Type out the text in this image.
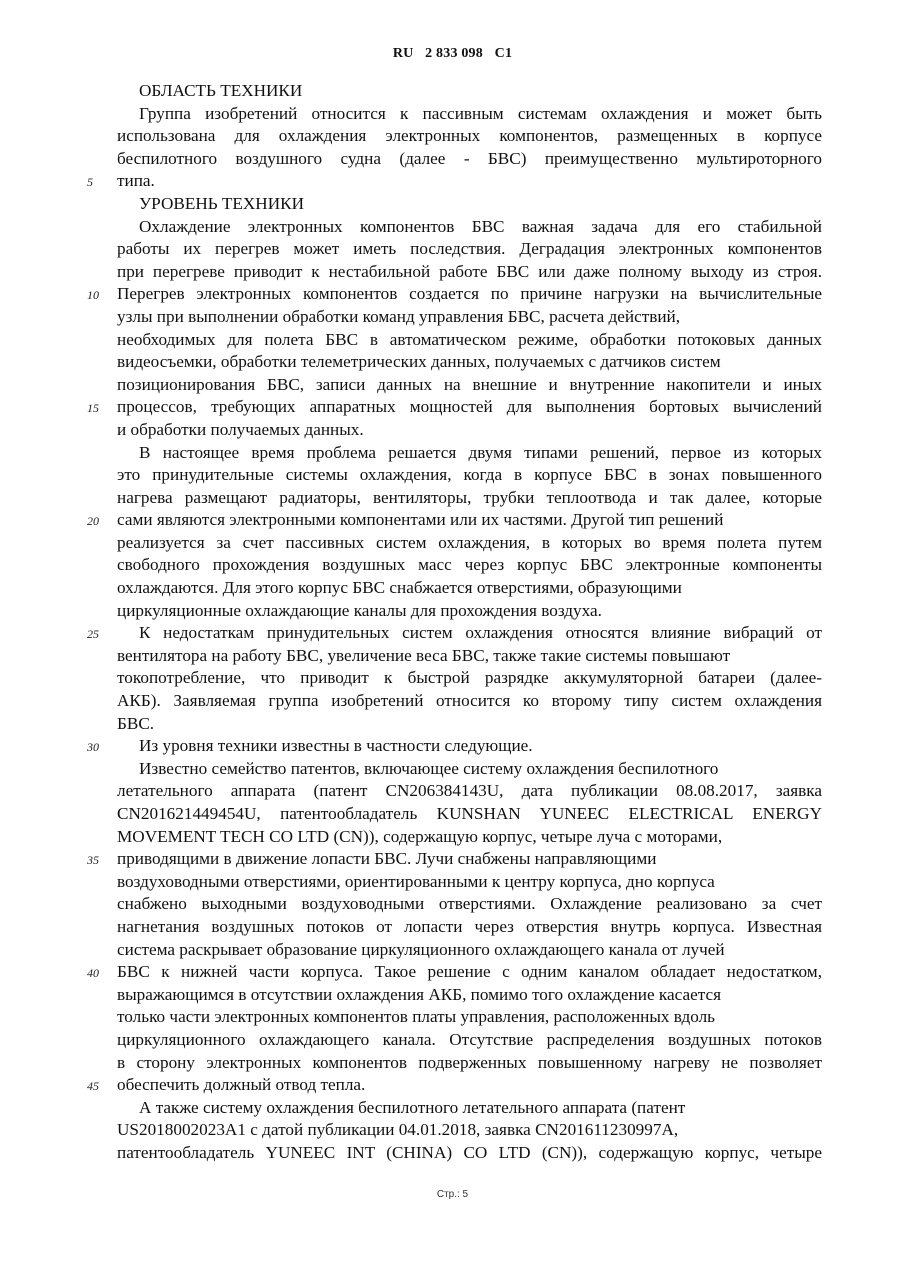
RU 2 833 098 C1
ОБЛАСТЬ ТЕХНИКИ
Группа изобретений относится к пассивным системам охлаждения и может быть
использована для охлаждения электронных компонентов, размещенных в корпусе
беспилотного воздушного судна (далее - БВС) преимущественно мультироторного
5 типа.
УРОВЕНЬ ТЕХНИКИ
Охлаждение электронных компонентов БВС важная задача для его стабильной
работы их перегрев может иметь последствия. Деградация электронных компонентов
при перегреве приводит к нестабильной работе БВС или даже полному выходу из строя.
10 Перегрев электронных компонентов создается по причине нагрузки на вычислительные
узлы при выполнении обработки команд управления БВС, расчета действий,
необходимых для полета БВС в автоматическом режиме, обработки потоковых данных
видеосъемки, обработки телеметрических данных, получаемых с датчиков систем
позиционирования БВС, записи данных на внешние и внутренние накопители и иных
15 процессов, требующих аппаратных мощностей для выполнения бортовых вычислений
и обработки получаемых данных.
В настоящее время проблема решается двумя типами решений, первое из которых
это принудительные системы охлаждения, когда в корпусе БВС в зонах повышенного
нагрева размещают радиаторы, вентиляторы, трубки теплоотвода и так далее, которые
20 сами являются электронными компонентами или их частями. Другой тип решений
реализуется за счет пассивных систем охлаждения, в которых во время полета путем
свободного прохождения воздушных масс через корпус БВС электронные компоненты
охлаждаются. Для этого корпус БВС снабжается отверстиями, образующими
циркуляционные охлаждающие каналы для прохождения воздуха.
25	К недостаткам принудительных систем охлаждения относятся влияние вибраций от
вентилятора на работу БВС, увеличение веса БВС, также такие системы повышают
токопотребление, что приводит к быстрой разрядке аккумуляторной батареи (далее-
АКБ). Заявляемая группа изобретений относится ко второму типу систем охлаждения
БВС.
30 Из уровня техники известны в частности следующие.
Известно семейство патентов, включающее систему охлаждения беспилотного
летательного аппарата (патент CN206384143U, дата публикации 08.08.2017, заявка
CN201621449454U, патентообладатель KUNSHAN YUNEEC ELECTRICAL ENERGY
MOVEMENT TECH CO LTD (CN)), содержащую корпус, четыре луча с моторами,
35 приводящими в движение лопасти БВС. Лучи снабжены направляющими
воздуховодными отверстиями, ориентированными к центру корпуса, дно корпуса
снабжено выходными воздуховодными отверстиями. Охлаждение реализовано за счет
нагнетания воздушных потоков от лопасти через отверстия внутрь корпуса. Известная
система раскрывает образование циркуляционного охлаждающего канала от лучей
40 БВС к нижней части корпуса. Такое решение с одним каналом обладает недостатком,
выражающимся в отсутствии охлаждения АКБ, помимо того охлаждение касается
только части электронных компонентов платы управления, расположенных вдоль
циркуляционного охлаждающего канала. Отсутствие распределения воздушных потоков
в сторону электронных компонентов подверженных повышенному нагреву не позволяет
45 обеспечить должный отвод тепла.
А также систему охлаждения беспилотного летательного аппарата (патент
US2018002023A1 с датой публикации 04.01.2018, заявка CN201611230997A,
патентообладатель YUNEEC INT (CHINA) CO LTD (CN)), содержащую корпус, четыре
Стр.: 5
